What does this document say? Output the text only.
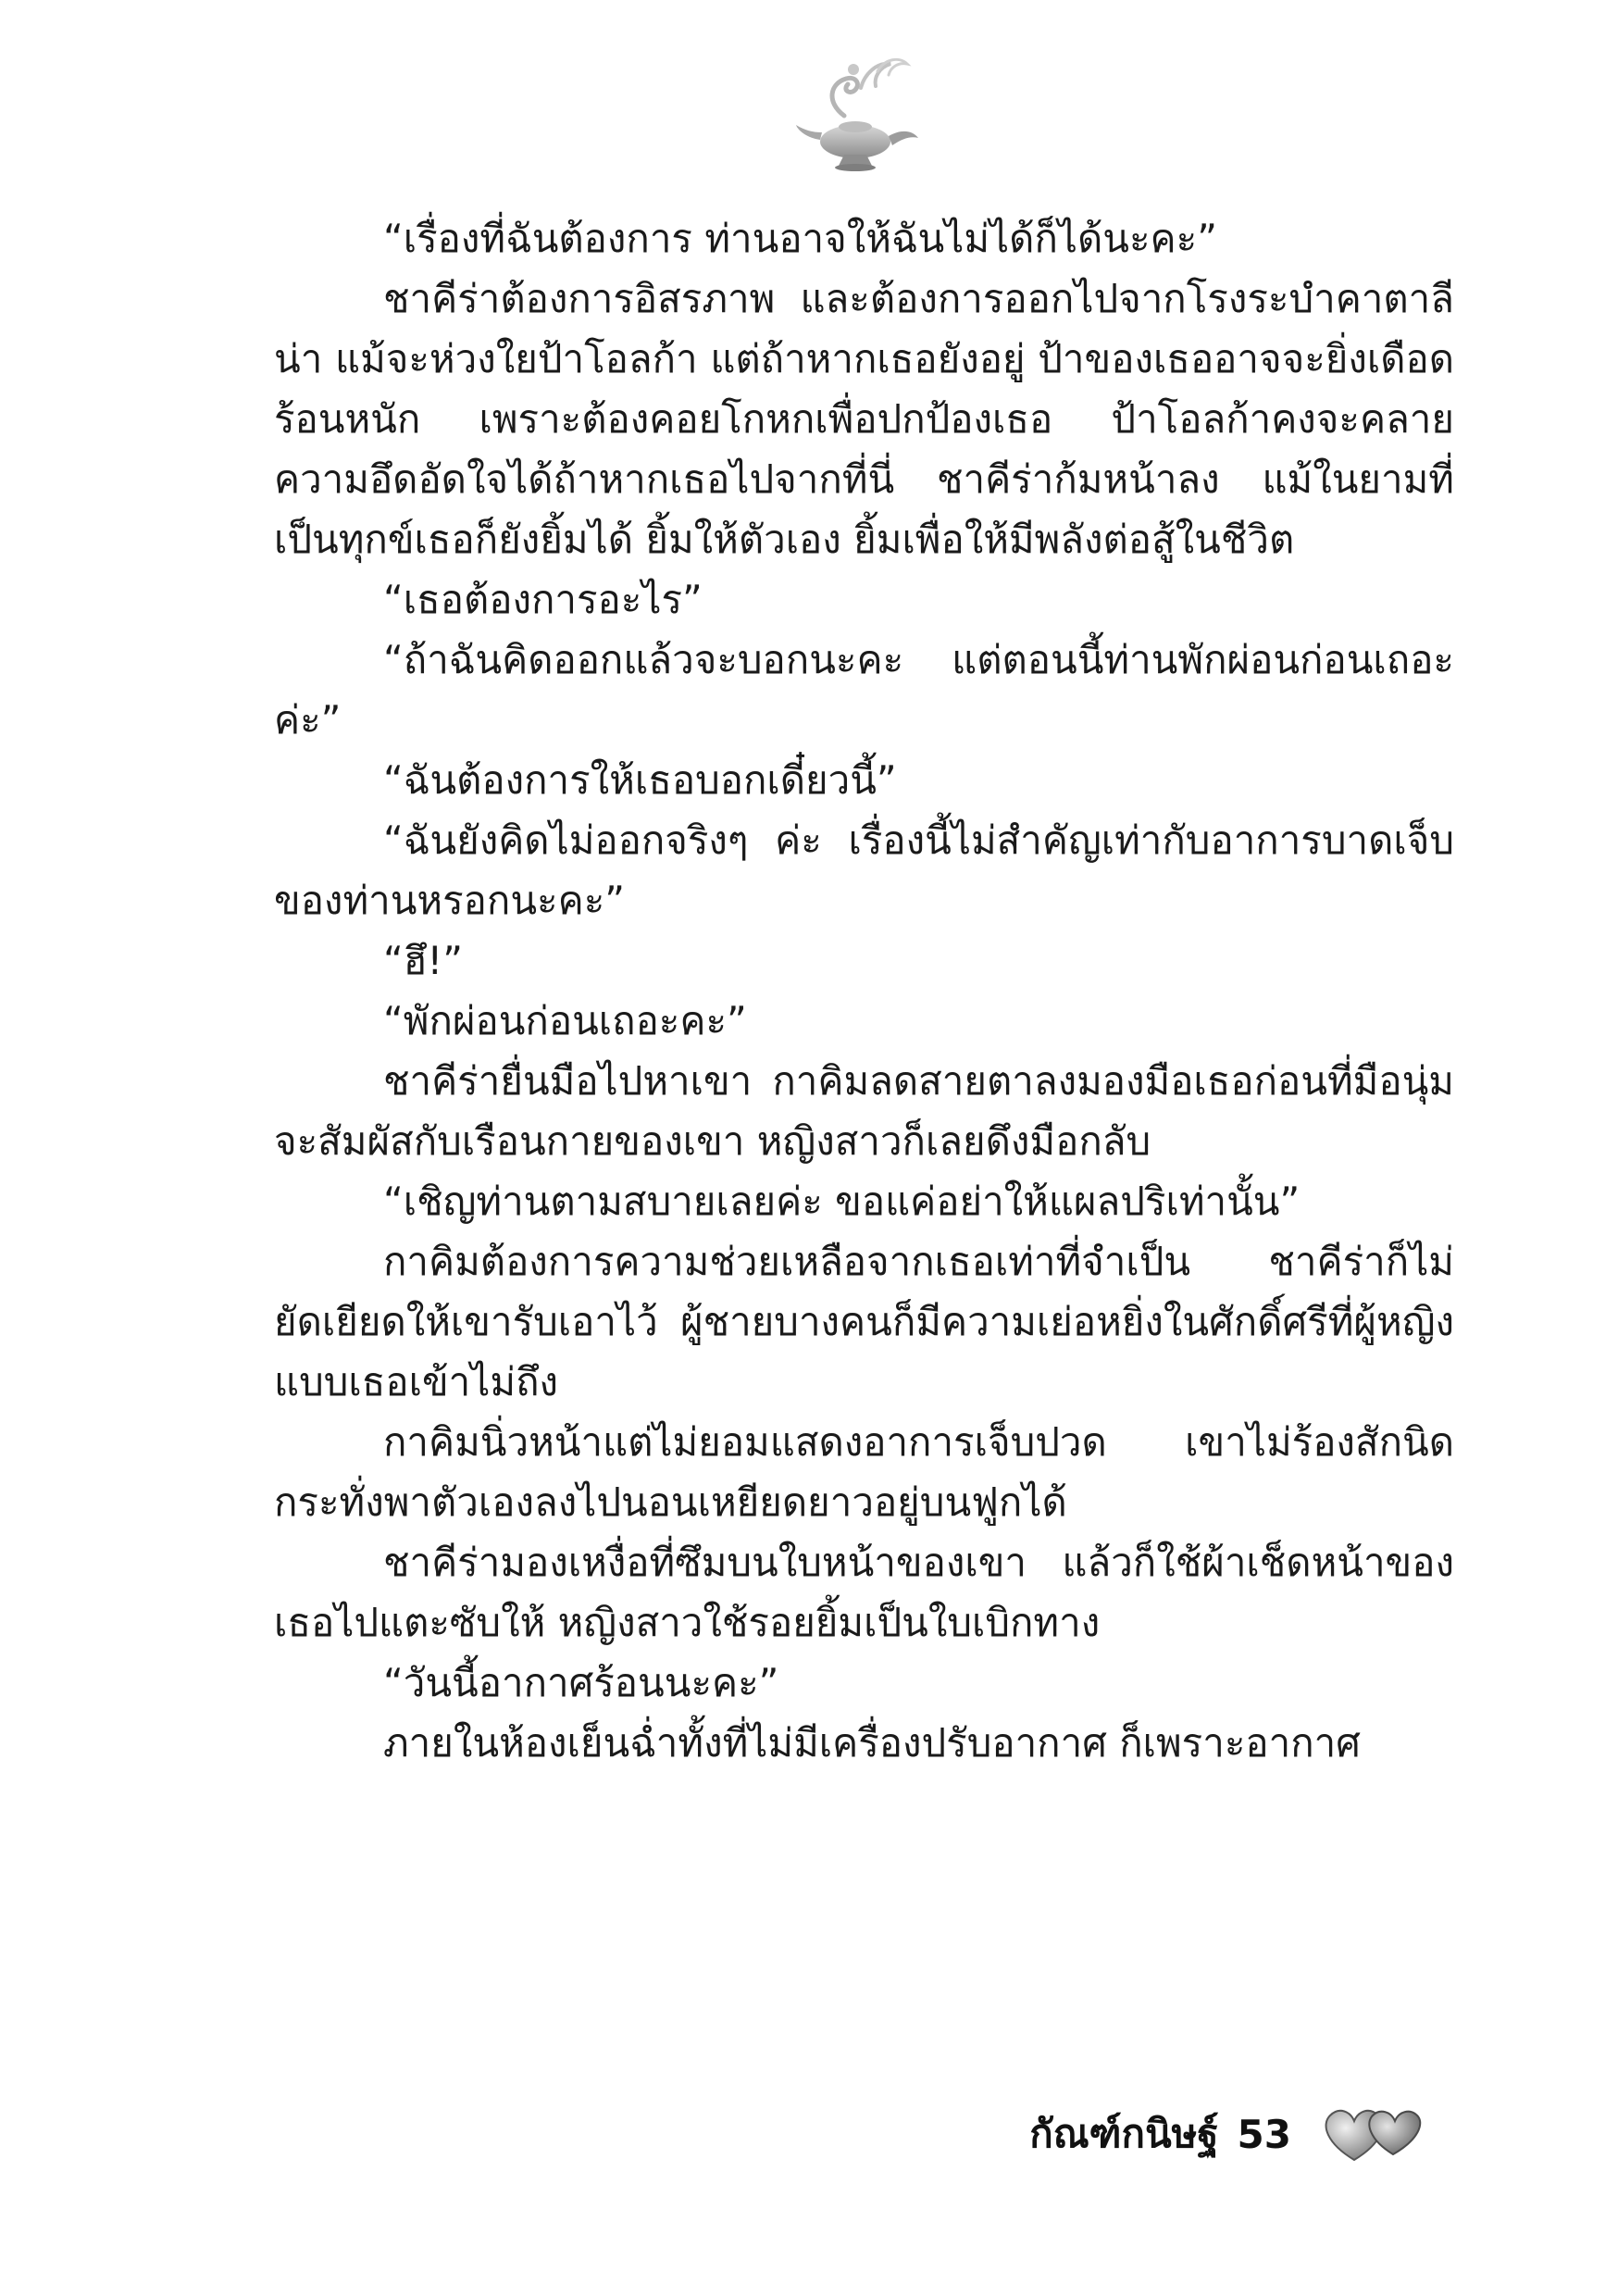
“เรื่องที่ฉันต้องการ ท่านอาจให้ฉันไม่ได้ก็ได้นะคะ”

ชาคีร่าต้องการอิสรภาพ และต้องการออกไปจากโรงระบำคาตาลีน่า แม้จะห่วงใยป้าโอลก้า แต่ถ้าหากเธอยังอยู่ ป้าของเธออาจจะยิ่งเดือดร้อนหนัก เพราะต้องคอยโกหกเพื่อปกป้องเธอ ป้าโอลก้าคงจะคลายความอึดอัดใจได้ถ้าหากเธอไปจากที่นี่ ชาคีร่าก้มหน้าลง แม้ในยามที่เป็นทุกข์เธอก็ยังยิ้มได้ ยิ้มให้ตัวเอง ยิ้มเพื่อให้มีพลังต่อสู้ในชีวิต

“เธอต้องการอะไร”

“ถ้าฉันคิดออกแล้วจะบอกนะคะ แต่ตอนนี้ท่านพักผ่อนก่อนเถอะค่ะ”

“ฉันต้องการให้เธอบอกเดี๋ยวนี้”

“ฉันยังคิดไม่ออกจริงๆ ค่ะ เรื่องนี้ไม่สำคัญเท่ากับอาการบาดเจ็บของท่านหรอกนะคะ”

“ฮึ!”

“พักผ่อนก่อนเถอะคะ”

ชาคีร่ายื่นมือไปหาเขา กาคิมลดสายตาลงมองมือเธอก่อนที่มือนุ่มจะสัมผัสกับเรือนกายของเขา หญิงสาวก็เลยดึงมือกลับ

“เชิญท่านตามสบายเลยค่ะ ขอแค่อย่าให้แผลปริเท่านั้น”

กาคิมต้องการความช่วยเหลือจากเธอเท่าที่จำเป็น ชาคีร่าก็ไม่ยัดเยียดให้เขารับเอาไว้ ผู้ชายบางคนก็มีความเย่อหยิ่งในศักดิ์ศรีที่ผู้หญิงแบบเธอเข้าไม่ถึง

กาคิมนิ่วหน้าแต่ไม่ยอมแสดงอาการเจ็บปวด เขาไม่ร้องสักนิดกระทั่งพาตัวเองลงไปนอนเหยียดยาวอยู่บนฟูกได้

ชาคีร่ามองเหงื่อที่ซึมบนใบหน้าของเขา แล้วก็ใช้ผ้าเช็ดหน้าของเธอไปแตะซับให้ หญิงสาวใช้รอยยิ้มเป็นใบเบิกทาง

“วันนี้อากาศร้อนนะคะ”

ภายในห้องเย็นฉ่ำทั้งที่ไม่มีเครื่องปรับอากาศ ก็เพราะอากาศ

กัณฑ์กนิษฐ์ 53
